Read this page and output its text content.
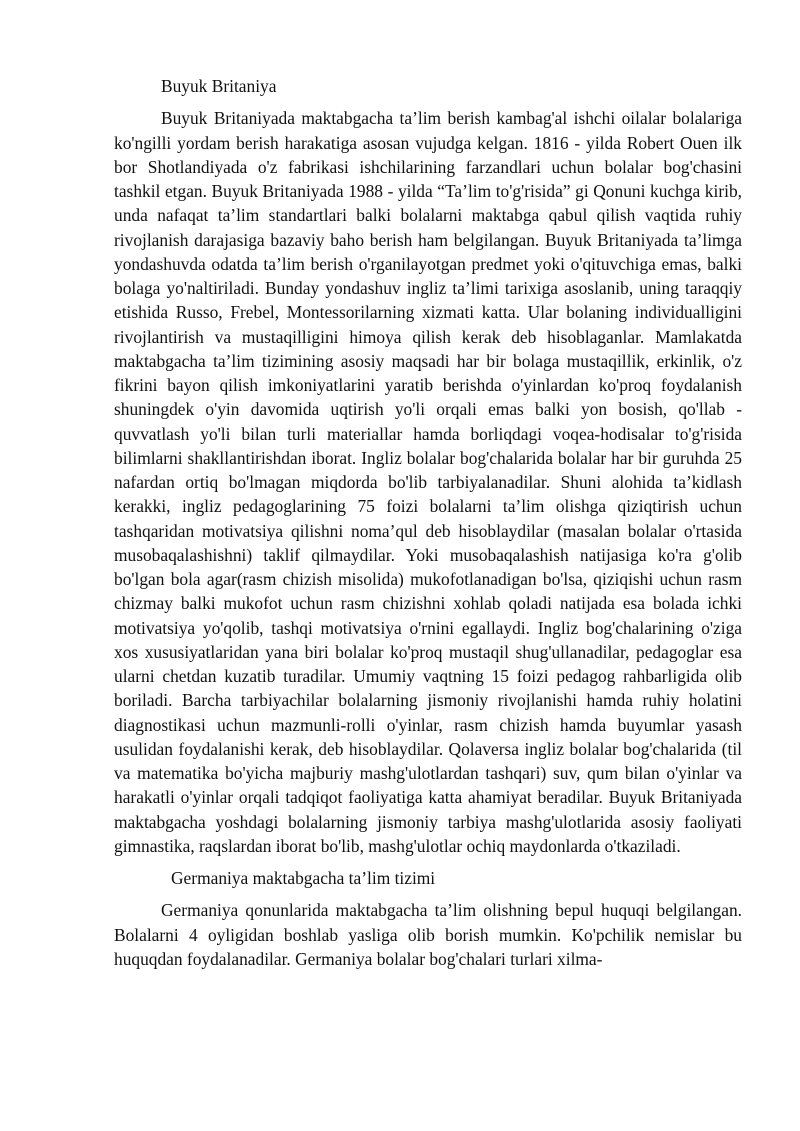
Buyuk Britaniya

Buyuk Britaniyada maktabgacha ta’lim berish kambag'al ishchi oilalar bolalariga ko'ngilli yordam berish harakatiga asosan vujudga kelgan. 1816 - yilda Robert Ouen ilk bor Shotlandiyada o'z fabrikasi ishchilarining farzandlari uchun bolalar bog'chasini tashkil etgan. Buyuk Britaniyada 1988 - yilda “Ta’lim to'g'risida” gi Qonuni kuchga kirib, unda nafaqat ta’lim standartlari balki bolalarni maktabga qabul qilish vaqtida ruhiy rivojlanish darajasiga bazaviy baho berish ham belgilangan. Buyuk Britaniyada ta’limga yondashuvda odatda ta’lim berish o'rganilayotgan predmet yoki o'qituvchiga emas, balki bolaga yo'naltiriladi. Bunday yondashuv ingliz ta’limi tarixiga asoslanib, uning taraqqiy etishida Russo, Frebel, Montessorilarning xizmati katta. Ular bolaning individualligini rivojlantirish va mustaqilligini himoya qilish kerak deb hisoblaganlar. Mamlakatda maktabgacha ta’lim tizimining asosiy maqsadi har bir bolaga mustaqillik, erkinlik, o'z fikrini bayon qilish imkoniyatlarini yaratib berishda o'yinlardan ko'proq foydalanish shuningdek o'yin davomida uqtirish yo'li orqali emas balki yon bosish, qo'llab - quvvatlash yo'li bilan turli materiallar hamda borliqdagi voqea-hodisalar to'g'risida bilimlarni shakllantirishdan iborat. Ingliz bolalar bog'chalarida bolalar har bir guruhda 25 nafardan ortiq bo'lmagan miqdorda bo'lib tarbiyalanadilar. Shuni alohida ta’kidlash kerakki, ingliz pedagoglarining 75 foizi bolalarni ta’lim olishga qiziqtirish uchun tashqaridan motivatsiya qilishni noma’qul deb hisoblaydilar (masalan bolalar o'rtasida musobaqalashishni) taklif qilmaydilar. Yoki musobaqalashish natijasiga ko'ra g'olib bo'lgan bola agar(rasm chizish misolida) mukofotlanadigan bo'lsa, qiziqishi uchun rasm chizmay balki mukofot uchun rasm chizishni xohlab qoladi natijada esa bolada ichki motivatsiya yo'qolib, tashqi motivatsiya o'rnini egallaydi. Ingliz bog'chalarining o'ziga xos xususiyatlaridan yana biri bolalar ko'proq mustaqil shug'ullanadilar, pedagoglar esa ularni chetdan kuzatib turadilar. Umumiy vaqtning 15 foizi pedagog rahbarligida olib boriladi. Barcha tarbiyachilar bolalarning jismoniy rivojlanishi hamda ruhiy holatini diagnostikasi uchun mazmunli-rolli o'yinlar, rasm chizish hamda buyumlar yasash usulidan foydalanishi kerak, deb hisoblaydilar. Qolaversa ingliz bolalar bog'chalarida (til va matematika bo'yicha majburiy mashg'ulotlardan tashqari) suv, qum bilan o'yinlar va harakatli o'yinlar orqali tadqiqot faoliyatiga katta ahamiyat beradilar. Buyuk Britaniyada maktabgacha yoshdagi bolalarning jismoniy tarbiya mashg'ulotlarida asosiy faoliyati gimnastika, raqslardan iborat bo'lib, mashg'ulotlar ochiq maydonlarda o'tkaziladi.

Germaniya maktabgacha ta’lim tizimi

Germaniya qonunlarida maktabgacha ta’lim olishning bepul huquqi belgilangan. Bolalarni 4 oyligidan boshlab yasliga olib borish mumkin. Ko'pchilik nemislar bu huquqdan foydalanadilar. Germaniya bolalar bog'chalari turlari xilma-
